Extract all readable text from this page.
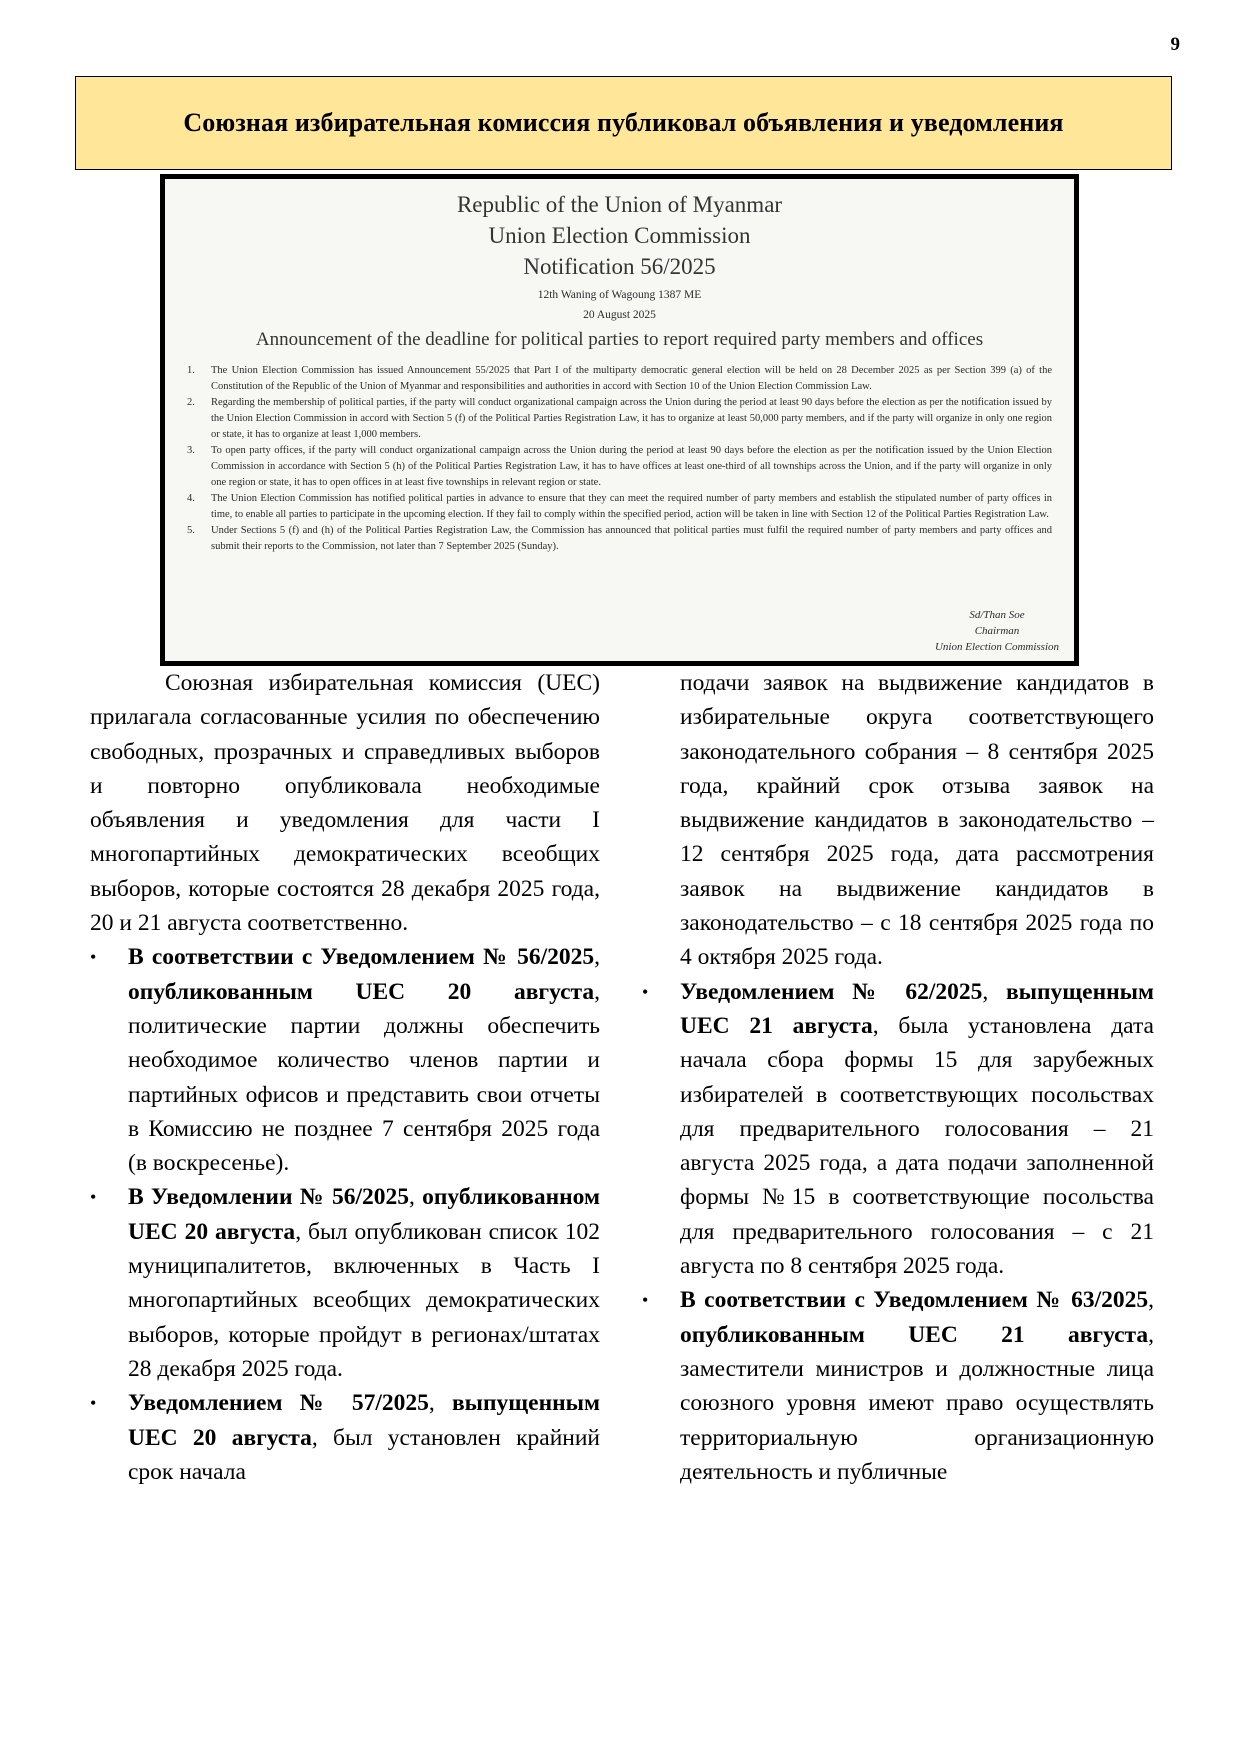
9
Союзная избирательная комиссия публиковал объявления и уведомления
Republic of the Union of Myanmar
Union Election Commission
Notification 56/2025
12th Waning of Wagoung 1387 ME
20 August 2025
Announcement of the deadline for political parties to report required party members and offices
1. The Union Election Commission has issued Announcement 55/2025 that Part I of the multiparty democratic general election will be held on 28 December 2025 as per Section 399 (a) of the Constitution of the Republic of the Union of Myanmar and responsibilities and authorities in accord with Section 10 of the Union Election Commission Law.
2. Regarding the membership of political parties, if the party will conduct organizational campaign across the Union during the period at least 90 days before the election as per the notification issued by the Union Election Commission in accord with Section 5 (f) of the Political Parties Registration Law, it has to organize at least 50,000 party members, and if the party will organize in only one region or state, it has to organize at least 1,000 members.
3. To open party offices, if the party will conduct organizational campaign across the Union during the period at least 90 days before the election as per the notification issued by the Union Election Commission in accordance with Section 5 (h) of the Political Parties Registration Law, it has to have offices at least one-third of all townships across the Union, and if the party will organize in only one region or state, it has to open offices in at least five townships in relevant region or state.
4. The Union Election Commission has notified political parties in advance to ensure that they can meet the required number of party members and establish the stipulated number of party offices in time, to enable all parties to participate in the upcoming election. If they fail to comply within the specified period, action will be taken in line with Section 12 of the Political Parties Registration Law.
5. Under Sections 5 (f) and (h) of the Political Parties Registration Law, the Commission has announced that political parties must fulfil the required number of party members and party offices and submit their reports to the Commission, not later than 7 September 2025 (Sunday).
Sd/Than Soe
Chairman
Union Election Commission

Союзная избирательная комиссия (UEC) прилагала согласованные усилия по обеспечению свободных, прозрачных и справедливых выборов и повторно опубликовала необходимые объявления и уведомления для части I многопартийных демократических всеобщих выборов, которые состоятся 28 декабря 2025 года, 20 и 21 августа соответственно.

• В соответствии с Уведомлением № 56/2025, опубликованным UEC 20 августа, политические партии должны обеспечить необходимое количество членов партии и партийных офисов и представить свои отчеты в Комиссию не позднее 7 сентября 2025 года (в воскресенье).
• В Уведомлении № 56/2025, опубликованном UEC 20 августа, был опубликован список 102 муниципалитетов, включенных в Часть I многопартийных всеобщих демократических выборов, которые пройдут в регионах/штатах 28 декабря 2025 года.
• Уведомлением № 57/2025, выпущенным UEC 20 августа, был установлен крайний срок начала

подачи заявок на выдвижение кандидатов в избирательные округа соответствующего законодательного собрания – 8 сентября 2025 года, крайний срок отзыва заявок на выдвижение кандидатов в законодательство – 12 сентября 2025 года, дата рассмотрения заявок на выдвижение кандидатов в законодательство – с 18 сентября 2025 года по 4 октября 2025 года.

• Уведомлением № 62/2025, выпущенным UEC 21 августа, была установлена дата начала сбора формы 15 для зарубежных избирателей в соответствующих посольствах для предварительного голосования – 21 августа 2025 года, а дата подачи заполненной формы №15 в соответствующие посольства для предварительного голосования – с 21 августа по 8 сентября 2025 года.
• В соответствии с Уведомлением № 63/2025, опубликованным UEC 21 августа, заместители министров и должностные лица союзного уровня имеют право осуществлять территориальную организационную деятельность и публичные
